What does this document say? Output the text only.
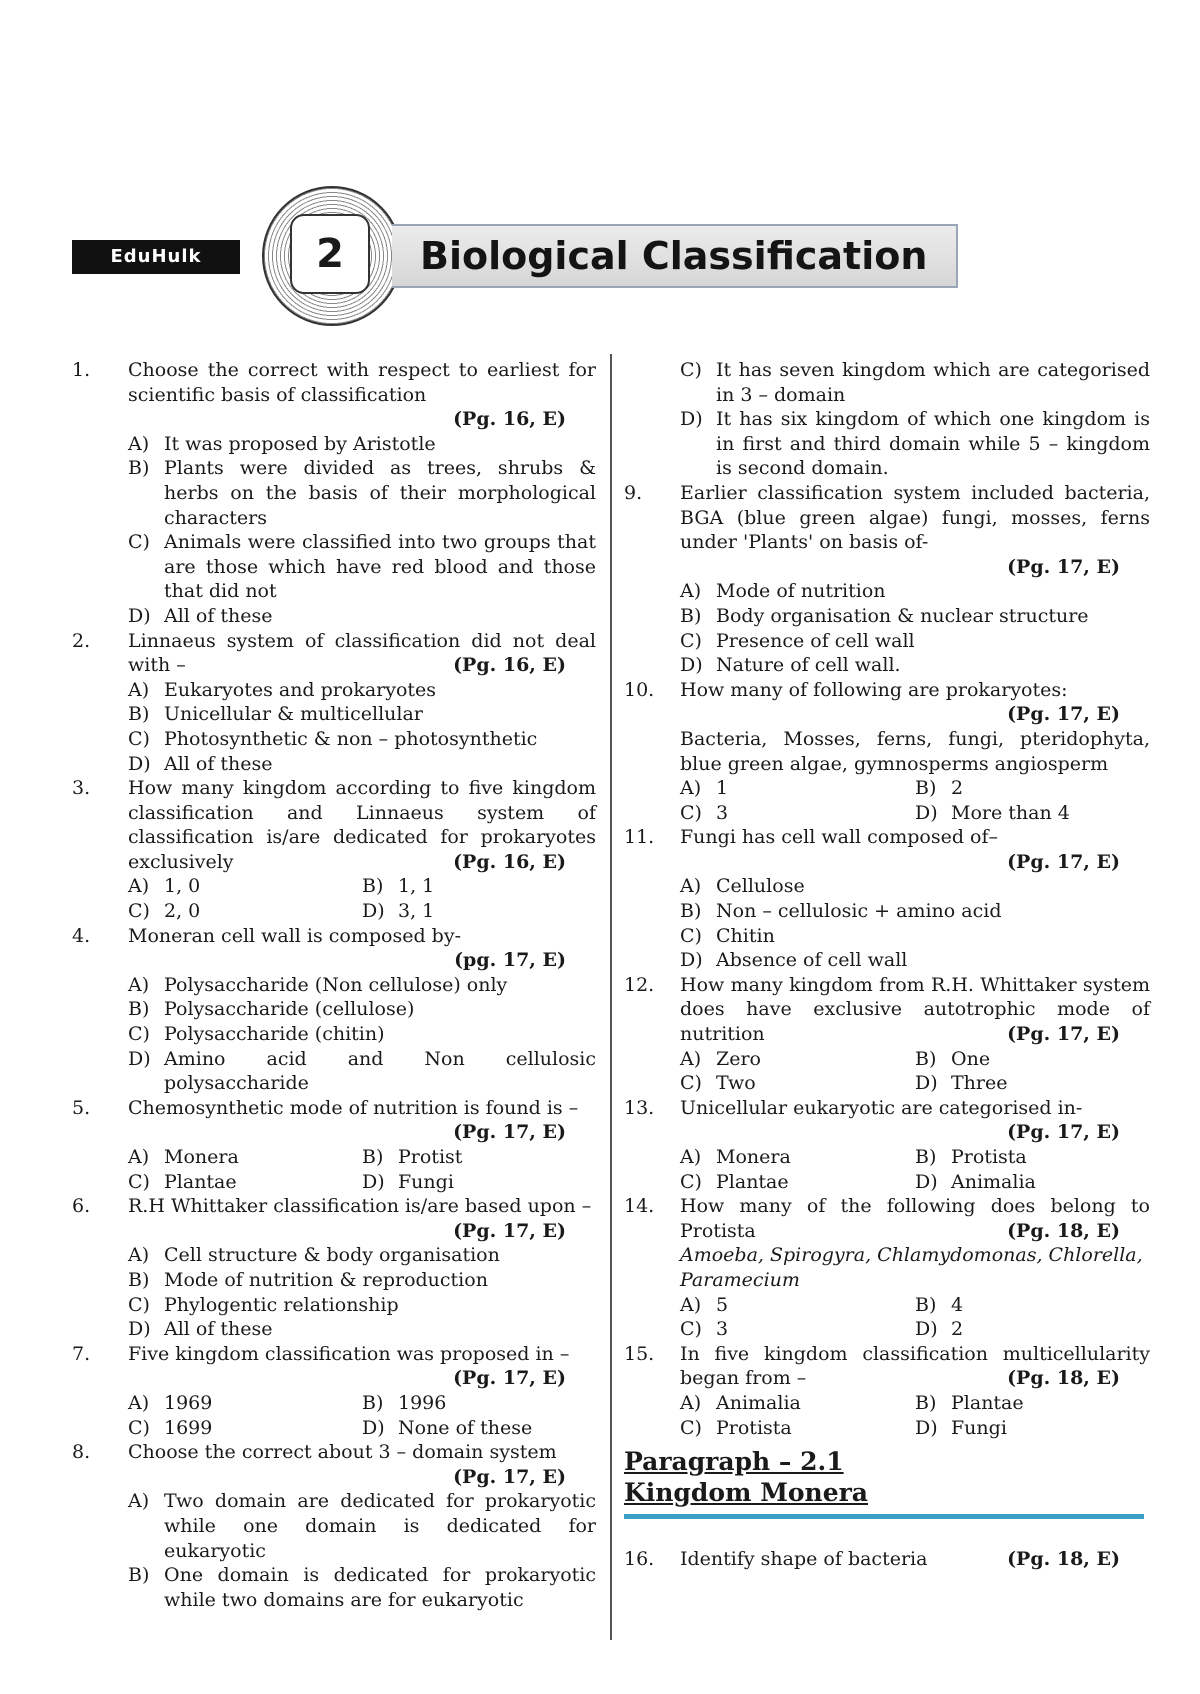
EduHulk	2	Biological Classification
1.	Choose the correct with respect to earliest for scientific basis of classification
(Pg. 16, E)
A) It was proposed by Aristotle
B) Plants were divided as trees, shrubs & herbs on the basis of their morphological characters
C) Animals were classified into two groups that are those which have red blood and those that did not
D) All of these
2.	Linnaeus system of classification did not deal with –	(Pg. 16, E)
A) Eukaryotes and prokaryotes
B) Unicellular & multicellular
C) Photosynthetic & non – photosynthetic
D) All of these
3.	How many kingdom according to five kingdom classification and Linnaeus system of classification is/are dedicated for prokaryotes exclusively	(Pg. 16, E)
A) 1, 0	B) 1, 1
C) 2, 0	D) 3, 1
4.	Moneran cell wall is composed by-
(pg. 17, E)
A) Polysaccharide (Non cellulose) only
B) Polysaccharide (cellulose)
C) Polysaccharide (chitin)
D) Amino acid and Non cellulosic polysaccharide
5.	Chemosynthetic mode of nutrition is found is –
(Pg. 17, E)
A) Monera	B) Protist
C) Plantae	D) Fungi
6.	R.H Whittaker classification is/are based upon –
(Pg. 17, E)
A) Cell structure & body organisation
B) Mode of nutrition & reproduction
C) Phylogentic relationship
D) All of these
7.	Five kingdom classification was proposed in –
(Pg. 17, E)
A) 1969	B) 1996
C) 1699	D) None of these
8.	Choose the correct about 3 – domain system
(Pg. 17, E)
A) Two domain are dedicated for prokaryotic while one domain is dedicated for eukaryotic
B) One domain is dedicated for prokaryotic while two domains are for eukaryotic
C) It has seven kingdom which are categorised in 3 – domain
D) It has six kingdom of which one kingdom is in first and third domain while 5 – kingdom is second domain.
9.	Earlier classification system included bacteria, BGA (blue green algae) fungi, mosses, ferns under 'Plants' on basis of-
(Pg. 17, E)
A) Mode of nutrition
B) Body organisation & nuclear structure
C) Presence of cell wall
D) Nature of cell wall.
10.	How many of following are prokaryotes:
(Pg. 17, E)
Bacteria, Mosses, ferns, fungi, pteridophyta, blue green algae, gymnosperms angiosperm
A) 1	B) 2
C) 3	D) More than 4
11.	Fungi has cell wall composed of–
(Pg. 17, E)
A) Cellulose
B) Non – cellulosic + amino acid
C) Chitin
D) Absence of cell wall
12.	How many kingdom from R.H. Whittaker system does have exclusive autotrophic mode of nutrition	(Pg. 17, E)
A) Zero	B) One
C) Two	D) Three
13.	Unicellular eukaryotic are categorised in-
(Pg. 17, E)
A) Monera	B) Protista
C) Plantae	D) Animalia
14.	How many of the following does belong to Protista	(Pg. 18, E)
Amoeba, Spirogyra, Chlamydomonas, Chlorella, Paramecium
A) 5	B) 4
C) 3	D) 2
15.	In five kingdom classification multicellularity began from –	(Pg. 18, E)
A) Animalia	B) Plantae
C) Protista	D) Fungi
Paragraph – 2.1
Kingdom Monera
16.	Identify shape of bacteria	(Pg. 18, E)
